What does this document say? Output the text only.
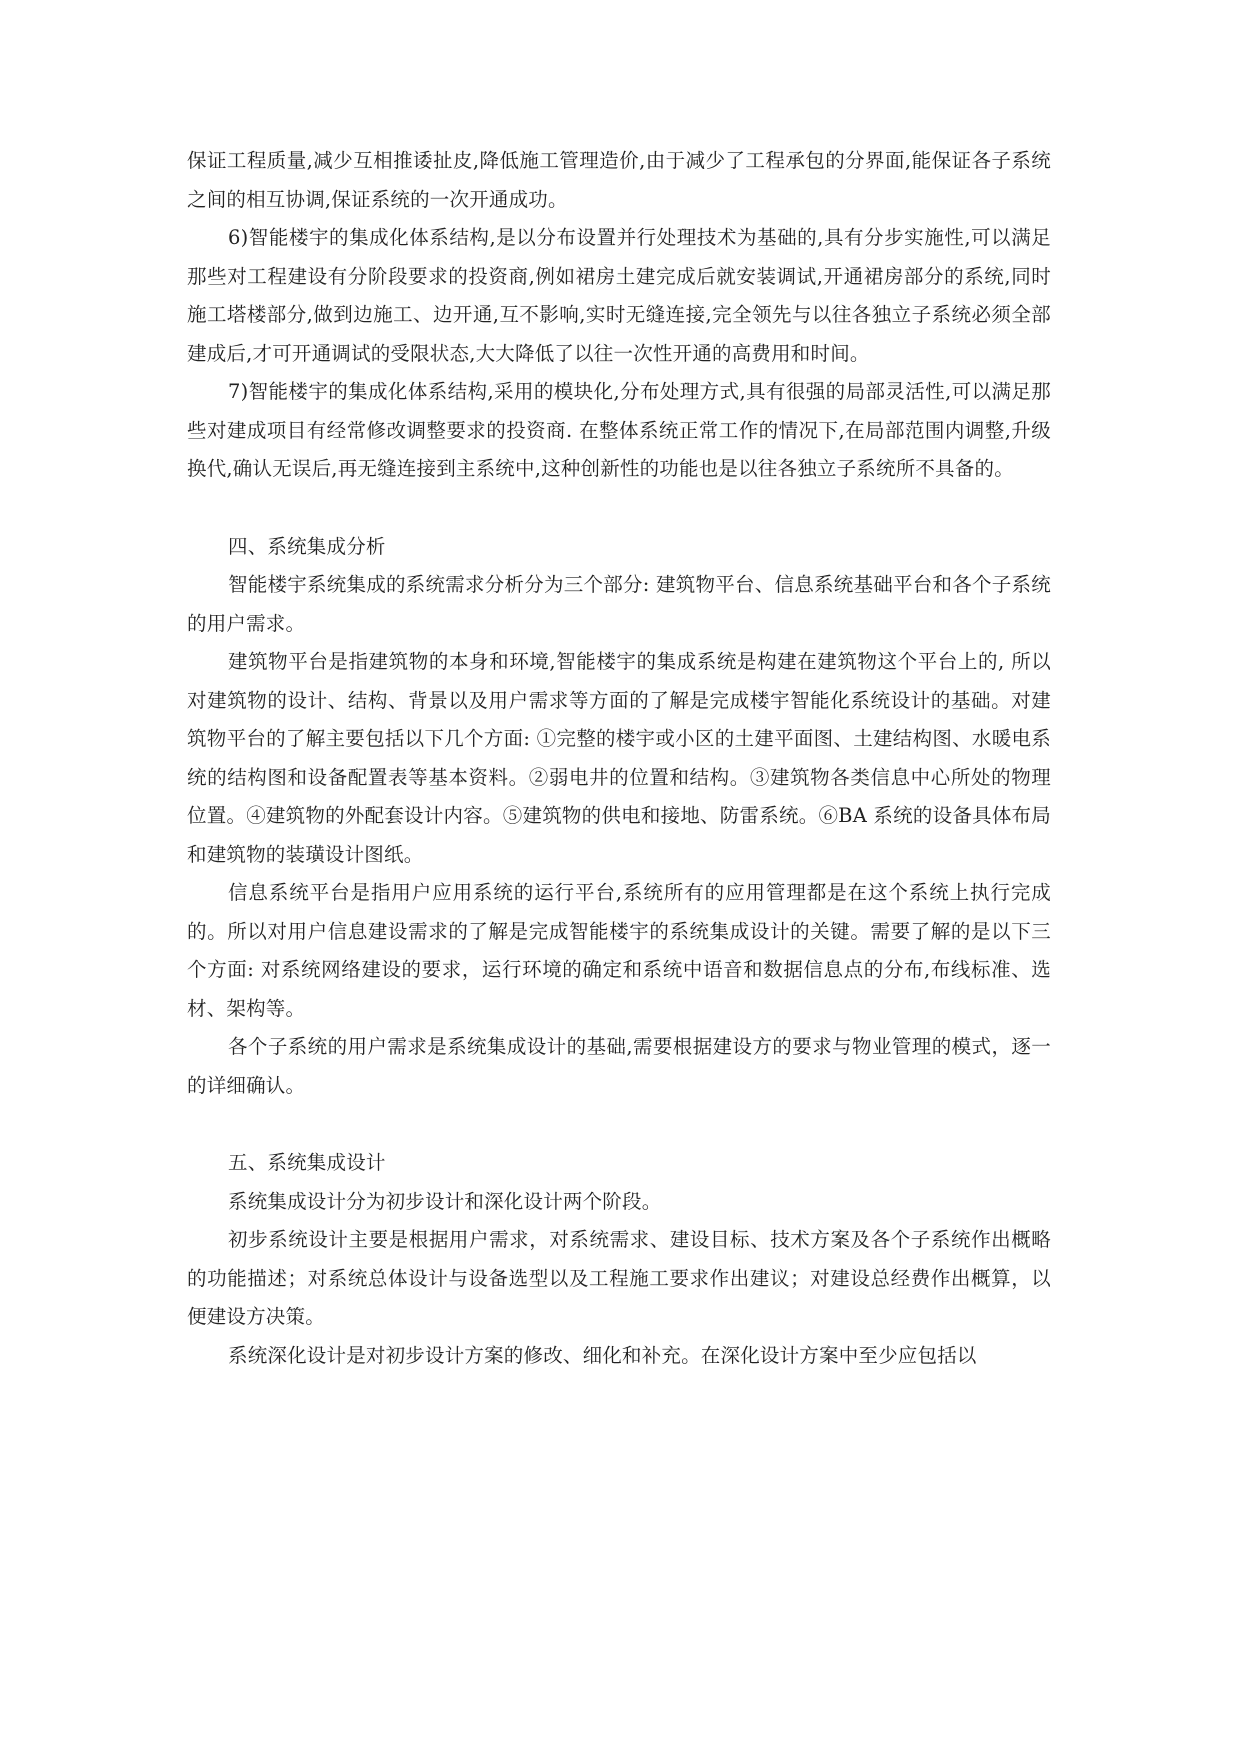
保证工程质量,减少互相推诿扯皮,降低施工管理造价,由于减少了工程承包的分界面,能保证各子系统之间的相互协调,保证系统的一次开通成功。

6)智能楼宇的集成化体系结构,是以分布设置并行处理技术为基础的,具有分步实施性,可以满足那些对工程建设有分阶段要求的投资商,例如裙房土建完成后就安装调试,开通裙房部分的系统,同时施工塔楼部分,做到边施工、边开通,互不影响,实时无缝连接,完全领先与以往各独立子系统必须全部建成后,才可开通调试的受限状态,大大降低了以往一次性开通的高费用和时间。

7)智能楼宇的集成化体系结构,采用的模块化,分布处理方式,具有很强的局部灵活性,可以满足那些对建成项目有经常修改调整要求的投资商. 在整体系统正常工作的情况下,在局部范围内调整,升级换代,确认无误后,再无缝连接到主系统中,这种创新性的功能也是以往各独立子系统所不具备的。

四、系统集成分析

智能楼宇系统集成的系统需求分析分为三个部分: 建筑物平台、信息系统基础平台和各个子系统的用户需求。

建筑物平台是指建筑物的本身和环境,智能楼宇的集成系统是构建在建筑物这个平台上的, 所以对建筑物的设计、结构、背景以及用户需求等方面的了解是完成楼宇智能化系统设计的基础。对建筑物平台的了解主要包括以下几个方面: ①完整的楼宇或小区的土建平面图、土建结构图、水暖电系统的结构图和设备配置表等基本资料。②弱电井的位置和结构。③建筑物各类信息中心所处的物理位置。④建筑物的外配套设计内容。⑤建筑物的供电和接地、防雷系统。⑥BA 系统的设备具体布局和建筑物的装璜设计图纸。

信息系统平台是指用户应用系统的运行平台,系统所有的应用管理都是在这个系统上执行完成的。所以对用户信息建设需求的了解是完成智能楼宇的系统集成设计的关键。需要了解的是以下三个方面: 对系统网络建设的要求，运行环境的确定和系统中语音和数据信息点的分布,布线标准、选材、架构等。

各个子系统的用户需求是系统集成设计的基础,需要根据建设方的要求与物业管理的模式，逐一的详细确认。

五、系统集成设计

系统集成设计分为初步设计和深化设计两个阶段。

初步系统设计主要是根据用户需求，对系统需求、建设目标、技术方案及各个子系统作出概略的功能描述；对系统总体设计与设备选型以及工程施工要求作出建议；对建设总经费作出概算，以便建设方决策。

系统深化设计是对初步设计方案的修改、细化和补充。在深化设计方案中至少应包括以
